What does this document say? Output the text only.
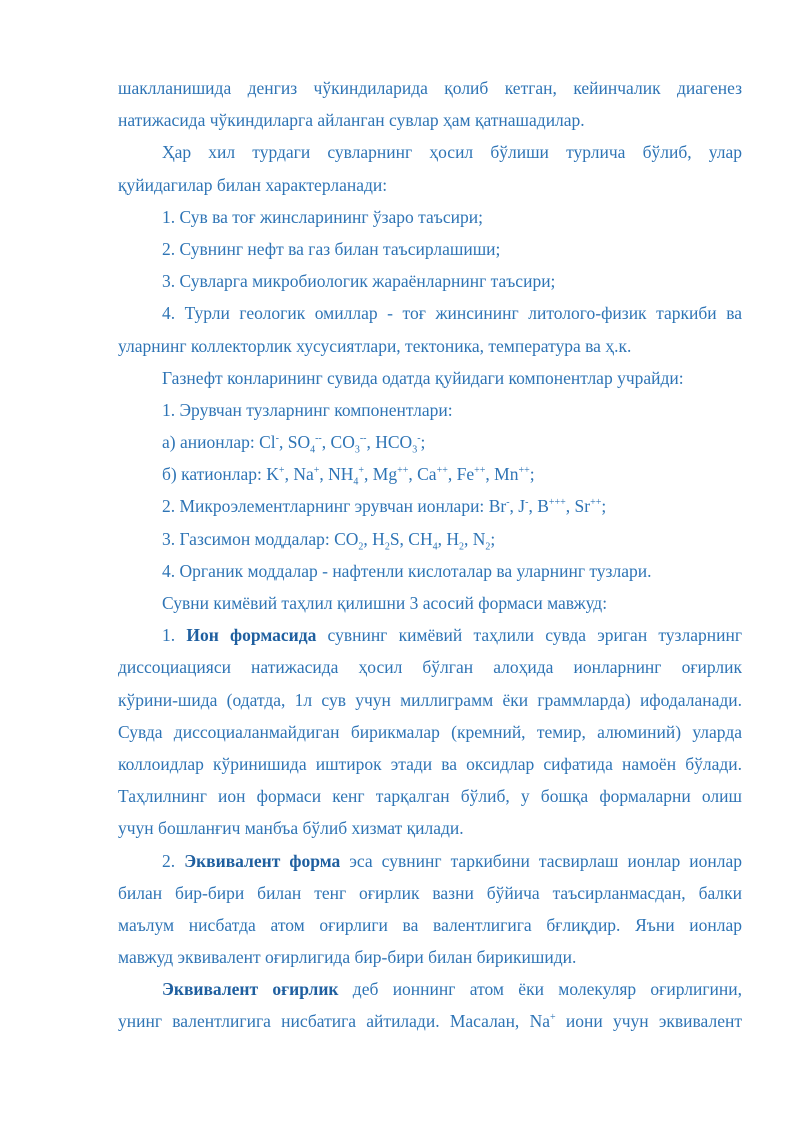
шаклланишида денгиз чўкиндиларида қолиб кетган, кейинчалик диагенез
натижасида чўкиндиларга айланган сувлар ҳам қатнашадилар.
Ҳар хил турдаги сувларнинг ҳосил бўлиши турлича бўлиб, улар
қуйидагилар билан характерланади:
1. Сув ва тоғ жинсларининг ўзаро таъсири;
2. Сувнинг нефт ва газ билан таъсирлашиши;
3. Сувларга микробиологик жараёнларнинг таъсири;
4. Турли геологик омиллар - тоғ жинсининг литолого-физик таркиби ва
уларнинг коллекторлик хусусиятлари, тектоника, температура ва ҳ.к.
Газнефт конларининг сувида одатда қуйидаги компонентлар учрайди:
1. Эрувчан тузларнинг компонентлари:
а) анионлар: Cl-, $SO_4^{--}$, $CO_3^{--}$, $HCO_3^-$;
б) катионлар: K+, Na+, $NH_4^+$, Mg++, Ca++, Fe++, Mn++;
2. Микроэлементларнинг эрувчан ионлари: Br-, J-, B+++, Sr++;
3. Газсимон моддалар: $CO_2$, $H_2S$, $CH_4$, $H_2$, $N_2$;
4. Органик моддалар - нафтенли кислоталар ва уларнинг тузлари.
Сувни кимёвий таҳлил қилишни 3 асосий формаси мавжуд:
1. Ион формасида сувнинг кимёвий таҳлили сувда эриган тузларнинг
диссоциацияси натижасида ҳосил бўлган алоҳида ионларнинг оғирлик
кўрини-шида (одатда, 1л сув учун миллиграмм ёки граммларда) ифодаланади.
Сувда диссоциаланмайдиган бирикмалар (кремний, темир, алюминий) уларда
коллоидлар кўринишида иштирок этади ва оксидлар сифатида намоён бўлади.
Таҳлилнинг ион формаси кенг тарқалган бўлиб, у бошқа формаларни олиш
учун бошланғич манбъа бўлиб хизмат қилади.
2. Эквивалент форма эса сувнинг таркибини тасвирлаш ионлар ионлар
билан бир-бири билан тенг оғирлик вазни бўйича таъсирланмасдан, балки
маълум нисбатда атом оғирлиги ва валентлигига бғлиқдир. Яъни ионлар
мавжуд эквивалент оғирлигида бир-бири билан бирикишиди.
Эквивалент оғирлик деб ионнинг атом ёки молекуляр оғирлигини,
унинг валентлигига нисбатига айтилади. Масалан, Na+ иони учун эквивалент
